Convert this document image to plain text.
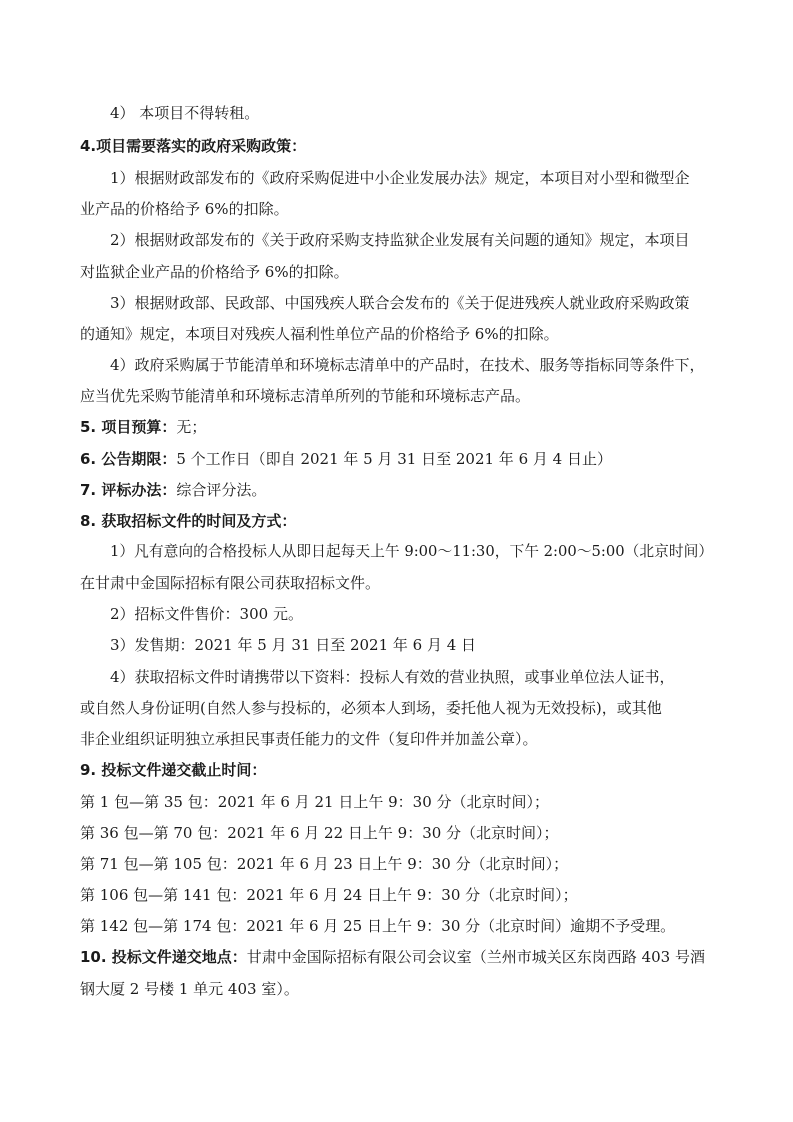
4） 本项目不得转租。
4.项目需要落实的政府采购政策：
1）根据财政部发布的《政府采购促进中小企业发展办法》规定，本项目对小型和微型企
业产品的价格给予 6%的扣除。
2）根据财政部发布的《关于政府采购支持监狱企业发展有关问题的通知》规定，本项目
对监狱企业产品的价格给予 6%的扣除。
3）根据财政部、民政部、中国残疾人联合会发布的《关于促进残疾人就业政府采购政策
的通知》规定，本项目对残疾人福利性单位产品的价格给予 6%的扣除。
4）政府采购属于节能清单和环境标志清单中的产品时，在技术、服务等指标同等条件下，
应当优先采购节能清单和环境标志清单所列的节能和环境标志产品。
5. 项目预算：无；
6. 公告期限：5 个工作日（即自 2021 年 5 月 31 日至 2021 年 6 月 4 日止）
7. 评标办法：综合评分法。
8. 获取招标文件的时间及方式：
1）凡有意向的合格投标人从即日起每天上午 9:00～11:30，下午 2:00～5:00（北京时间）
在甘肃中金国际招标有限公司获取招标文件。
2）招标文件售价：300 元。
3）发售期：2021 年 5 月 31 日至 2021 年 6 月 4 日
4）获取招标文件时请携带以下资料：投标人有效的营业执照，或事业单位法人证书，
或自然人身份证明(自然人参与投标的，必须本人到场，委托他人视为无效投标)，或其他
非企业组织证明独立承担民事责任能力的文件（复印件并加盖公章）。
9. 投标文件递交截止时间：
第 1 包—第 35 包：2021 年 6 月 21 日上午 9：30 分（北京时间）；
第 36 包—第 70 包：2021 年 6 月 22 日上午 9：30 分（北京时间）；
第 71 包—第 105 包：2021 年 6 月 23 日上午 9：30 分（北京时间）；
第 106 包—第 141 包：2021 年 6 月 24 日上午 9：30 分（北京时间）；
第 142 包—第 174 包：2021 年 6 月 25 日上午 9：30 分（北京时间）逾期不予受理。
10. 投标文件递交地点：甘肃中金国际招标有限公司会议室（兰州市城关区东岗西路 403 号酒
钢大厦 2 号楼 1 单元 403 室）。
